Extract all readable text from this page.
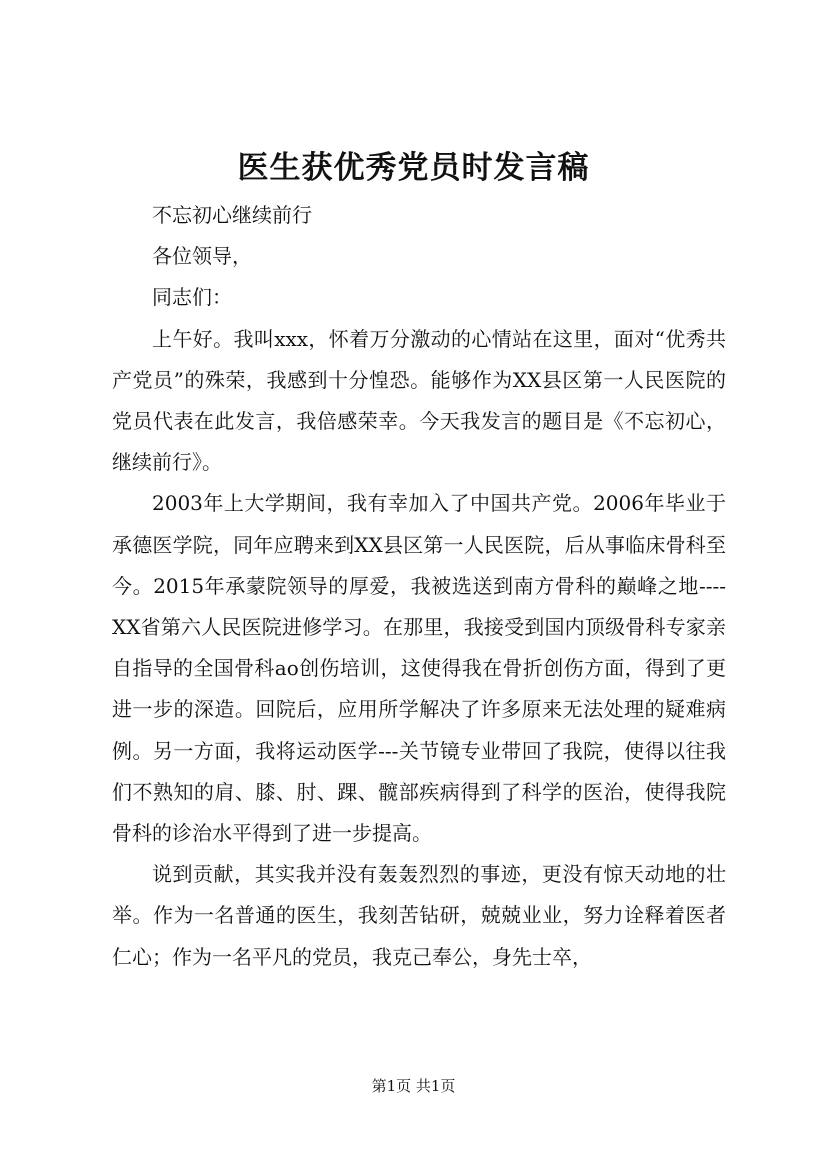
医生获优秀党员时发言稿

不忘初心继续前行

各位领导，

同志们：

上午好。我叫xxx，怀着万分激动的心情站在这里，面对“优秀共产党员”的殊荣，我感到十分惶恐。能够作为XX县区第一人民医院的党员代表在此发言，我倍感荣幸。今天我发言的题目是《不忘初心，继续前行》。

2003年上大学期间，我有幸加入了中国共产党。2006年毕业于承德医学院，同年应聘来到XX县区第一人民医院，后从事临床骨科至今。2015年承蒙院领导的厚爱，我被选送到南方骨科的巅峰之地----XX省第六人民医院进修学习。在那里，我接受到国内顶级骨科专家亲自指导的全国骨科ao创伤培训，这使得我在骨折创伤方面，得到了更进一步的深造。回院后，应用所学解决了许多原来无法处理的疑难病例。另一方面，我将运动医学---关节镜专业带回了我院，使得以往我们不熟知的肩、膝、肘、踝、髋部疾病得到了科学的医治，使得我院骨科的诊治水平得到了进一步提高。

说到贡献，其实我并没有轰轰烈烈的事迹，更没有惊天动地的壮举。作为一名普通的医生，我刻苦钻研，兢兢业业，努力诠释着医者仁心；作为一名平凡的党员，我克己奉公，身先士卒，

第1页 共1页
